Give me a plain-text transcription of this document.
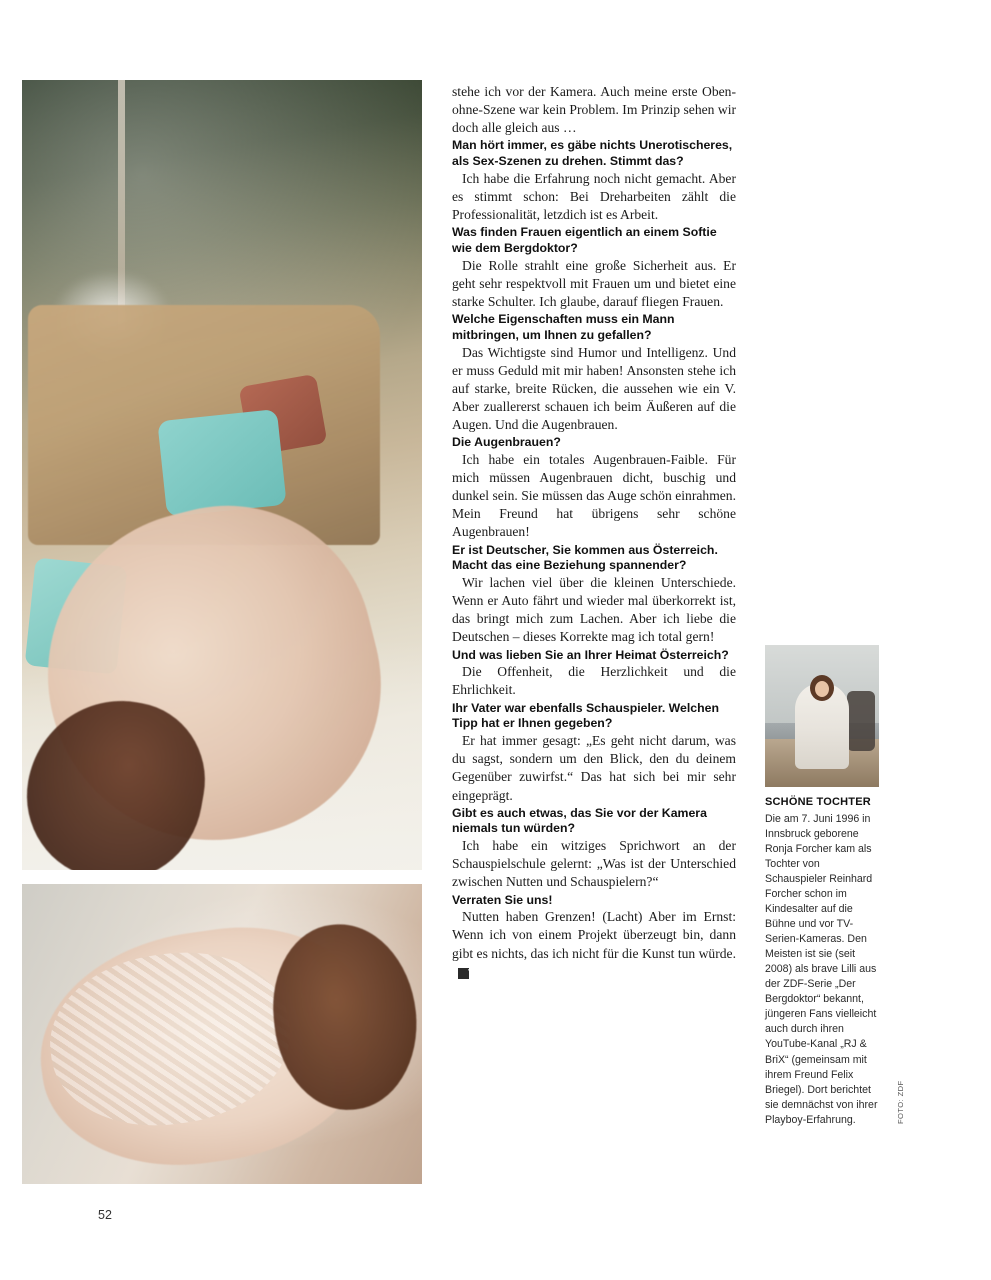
stehe ich vor der Kamera. Auch meine erste Oben-ohne-Szene war kein Problem. Im Prinzip sehen wir doch alle gleich aus …

Man hört immer, es gäbe nichts Unerotischeres, als Sex-Szenen zu drehen. Stimmt das?

Ich habe die Erfahrung noch nicht gemacht. Aber es stimmt schon: Bei Dreharbeiten zählt die Professionalität, letzdich ist es Arbeit.

Was finden Frauen eigentlich an einem Softie wie dem Bergdoktor?

Die Rolle strahlt eine große Sicherheit aus. Er geht sehr respektvoll mit Frauen um und bietet eine starke Schulter. Ich glaube, darauf fliegen Frauen.

Welche Eigenschaften muss ein Mann mitbringen, um Ihnen zu gefallen?

Das Wichtigste sind Humor und Intelligenz. Und er muss Geduld mit mir haben! Ansonsten stehe ich auf starke, breite Rücken, die aussehen wie ein V. Aber zuallererst schauen ich beim Äußeren auf die Augen. Und die Augenbrauen.

Die Augenbrauen?

Ich habe ein totales Augenbrauen-Faible. Für mich müssen Augenbrauen dicht, buschig und dunkel sein. Sie müssen das Auge schön einrahmen. Mein Freund hat übrigens sehr schöne Augenbrauen!

Er ist Deutscher, Sie kommen aus Österreich. Macht das eine Beziehung spannender?

Wir lachen viel über die kleinen Unterschiede. Wenn er Auto fährt und wieder mal überkorrekt ist, das bringt mich zum Lachen. Aber ich liebe die Deutschen – dieses Korrekte mag ich total gern!

Und was lieben Sie an Ihrer Heimat Österreich?

Die Offenheit, die Herzlichkeit und die Ehrlichkeit.

Ihr Vater war ebenfalls Schauspieler. Welchen Tipp hat er Ihnen gegeben?

Er hat immer gesagt: „Es geht nicht darum, was du sagst, sondern um den Blick, den du deinem Gegenüber zuwirfst.“ Das hat sich bei mir sehr eingeprägt.

Gibt es auch etwas, das Sie vor der Kamera niemals tun würden?

Ich habe ein witziges Sprichwort an der Schauspielschule gelernt: „Was ist der Unterschied zwischen Nutten und Schauspielern?“

Verraten Sie uns!

Nutten haben Grenzen! (Lacht) Aber im Ernst: Wenn ich von einem Projekt überzeugt bin, dann gibt es nichts, das ich nicht für die Kunst tun würde.▼

SCHÖNE TOCHTER
Die am 7. Juni 1996 in Innsbruck geborene Ronja Forcher kam als Tochter von Schauspieler Reinhard Forcher schon im Kindesalter auf die Bühne und vor TV-Serien-Kameras. Den Meisten ist sie (seit 2008) als brave Lilli aus der ZDF-Serie „Der Bergdoktor“ bekannt, jüngeren Fans vielleicht auch durch ihren YouTube-Kanal „RJ & BriX“ (gemeinsam mit ihrem Freund Felix Briegel). Dort berichtet sie demnächst von ihrer Playboy-Erfahrung.	FOTO: ZDF
52
